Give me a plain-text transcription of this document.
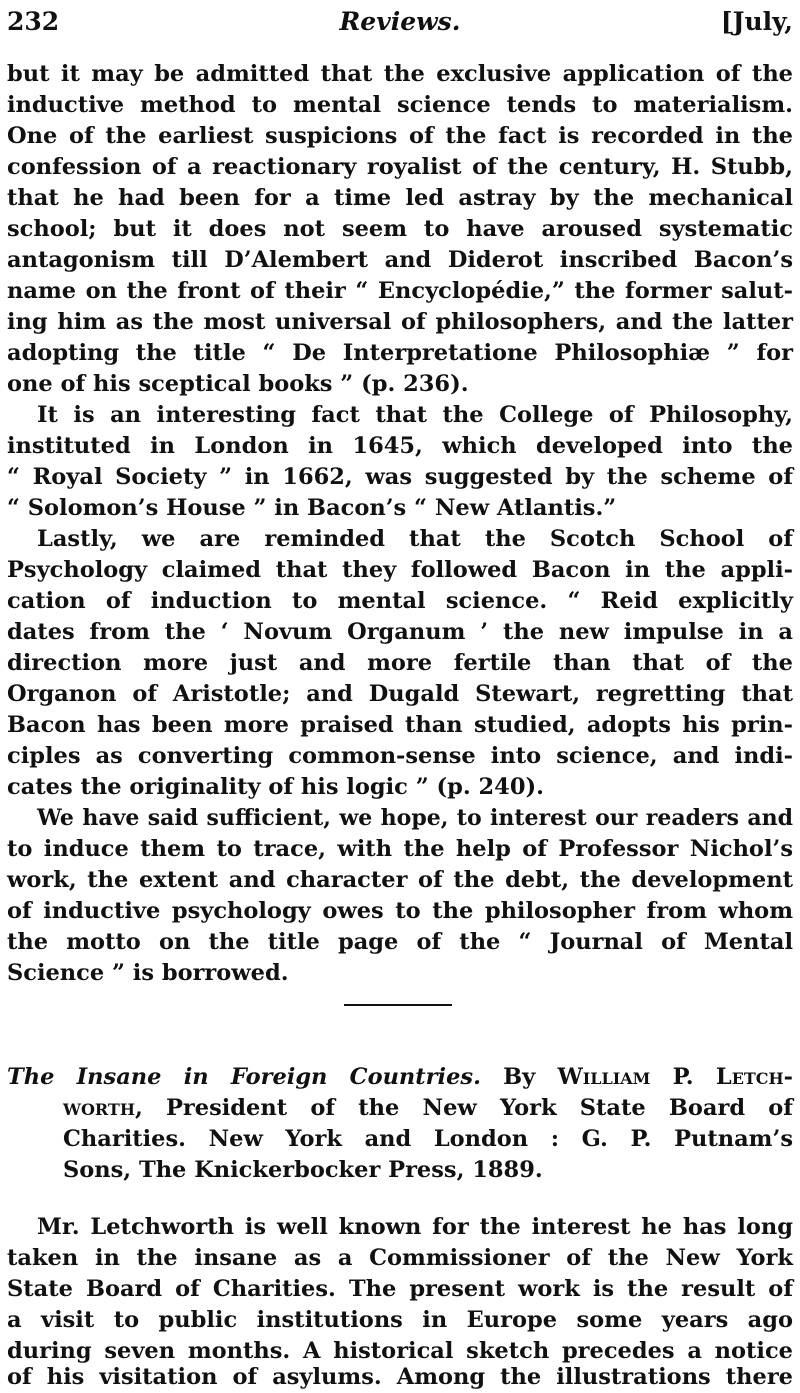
232	Reviews.	[July,
but it may be admitted that the exclusive application of the
inductive method to mental science tends to materialism.
One of the earliest suspicions of the fact is recorded in the
confession of a reactionary royalist of the century, H. Stubb,
that he had been for a time led astray by the mechanical
school; but it does not seem to have aroused systematic
antagonism till D’Alembert and Diderot inscribed Bacon’s
name on the front of their “ Encyclopédie,” the former salut-
ing him as the most universal of philosophers, and the latter
adopting the title “ De Interpretatione Philosophiæ ” for
one of his sceptical books ” (p. 236).
It is an interesting fact that the College of Philosophy,
instituted in London in 1645, which developed into the
“ Royal Society ” in 1662, was suggested by the scheme of
“ Solomon’s House ” in Bacon’s “ New Atlantis.”
Lastly, we are reminded that the Scotch School of
Psychology claimed that they followed Bacon in the appli-
cation of induction to mental science. “ Reid explicitly
dates from the ‘ Novum Organum ’ the new impulse in a
direction more just and more fertile than that of the
Organon of Aristotle; and Dugald Stewart, regretting that
Bacon has been more praised than studied, adopts his prin-
ciples as converting common-sense into science, and indi-
cates the originality of his logic ” (p. 240).
We have said sufficient, we hope, to interest our readers and
to induce them to trace, with the help of Professor Nichol’s
work, the extent and character of the debt, the development
of inductive psychology owes to the philosopher from whom
the motto on the title page of the “ Journal of Mental
Science ” is borrowed.
The Insane in Foreign Countries. By William P. Letch-
worth, President of the New York State Board of
Charities. New York and London : G. P. Putnam’s
Sons, The Knickerbocker Press, 1889.
Mr. Letchworth is well known for the interest he has long
taken in the insane as a Commissioner of the New York
State Board of Charities. The present work is the result of
a visit to public institutions in Europe some years ago
during seven months. A historical sketch precedes a notice
of his visitation of asylums. Among the illustrations there
